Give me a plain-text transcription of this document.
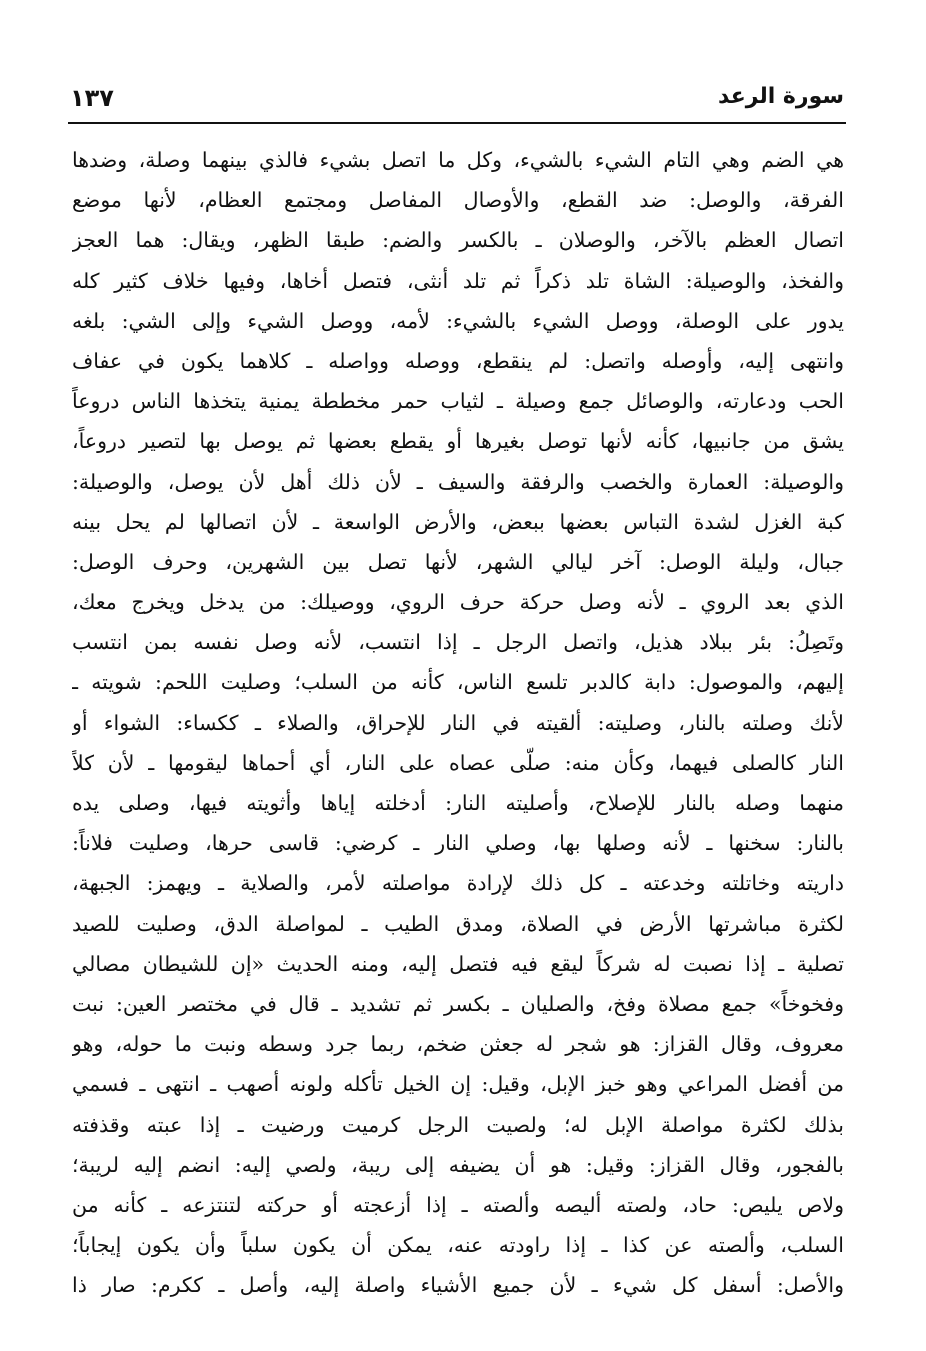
١٣٧	سورة الرعد
هي الضم وهي التام الشيء بالشيء، وكل ما اتصل بشيء فالذي بينهما وصلة، وضدها
الفرقة، والوصل: ضد القطع، والأوصال المفاصل ومجتمع العظام، لأنها موضع
اتصال العظم بالآخر، والوصلان ـ بالكسر والضم: طبقا الظهر، ويقال: هما العجز
والفخذ، والوصيلة: الشاة تلد ذكراً ثم تلد أنثى، فتصل أخاها، وفيها خلاف كثير كله
يدور على الوصلة، ووصل الشيء بالشيء: لأمه، ووصل الشيء وإلى الشي: بلغه
وانتهى إليه، وأوصله واتصل: لم ينقطع، ووصله وواصله ـ كلاهما يكون في عفاف
الحب ودعارته، والوصائل جمع وصيلة ـ لثياب حمر مخططة يمنية يتخذها الناس دروعاً
يشق من جانبيها، كأنه لأنها توصل بغيرها أو يقطع بعضها ثم يوصل بها لتصير دروعاً،
والوصيلة: العمارة والخصب والرفقة والسيف ـ لأن ذلك أهل لأن يوصل، والوصيلة:
كبة الغزل لشدة التباس بعضها ببعض، والأرض الواسعة ـ لأن اتصالها لم يحل بينه
جبال، وليلة الوصل: آخر ليالي الشهر، لأنها تصل بين الشهرين، وحرف الوصل:
الذي بعد الروي ـ لأنه وصل حركة حرف الروي، ووصيلك: من يدخل ويخرج معك،
وتَصِلُ: بئر ببلاد هذيل، واتصل الرجل ـ إذا انتسب، لأنه وصل نفسه بمن انتسب
إليهم، والموصول: دابة كالدبر تلسع الناس، كأنه من السلب؛ وصليت اللحم: شويته ـ
لأنك وصلته بالنار، وصليته: ألقيته في النار للإحراق، والصلاء ـ ككساء: الشواء أو
النار كالصلى فيهما، وكأن منه: صلّى عصاه على النار، أي أحماها ليقومها ـ لأن كلاً
منهما وصله بالنار للإصلاح، وأصليته النار: أدخلته إياها وأثويته فيها، وصلى يده
بالنار: سخنها ـ لأنه وصلها بها، وصلي النار ـ كرضي: قاسى حرها، وصليت فلاناً:
داريته وخاتلته وخدعته ـ كل ذلك لإرادة مواصلته لأمر، والصلاية ـ ويهمز: الجبهة،
لكثرة مباشرتها الأرض في الصلاة، ومدق الطيب ـ لمواصلة الدق، وصليت للصيد
تصلية ـ إذا نصبت له شركاً ليقع فيه فتصل إليه، ومنه الحديث «إن للشيطان مصالي
وفخوخاً» جمع مصلاة وفخ، والصليان ـ بكسر ثم تشديد ـ قال في مختصر العين: نبت
معروف، وقال القزاز: هو شجر له جعثن ضخم، ربما جرد وسطه ونبت ما حوله، وهو
من أفضل المراعي وهو خبز الإبل، وقيل: إن الخيل تأكله ولونه أصهب ـ انتهى ـ فسمي
بذلك لكثرة مواصلة الإبل له؛ ولصيت الرجل كرميت ورضيت ـ إذا عبته وقذفته
بالفجور، وقال القزاز: وقيل: هو أن يضيفه إلى ريبة، ولصي إليه: انضم إليه لريبة؛
ولاص يليص: حاد، ولصته أليصه وألصته ـ إذا أزعجته أو حركته لتنتزعه ـ كأنه من
السلب، وألصته عن كذا ـ إذا راودته عنه، يمكن أن يكون سلباً وأن يكون إيجاباً؛
والأصل: أسفل كل شيء ـ لأن جميع الأشياء واصلة إليه، وأصل ـ ككرم: صار ذا
